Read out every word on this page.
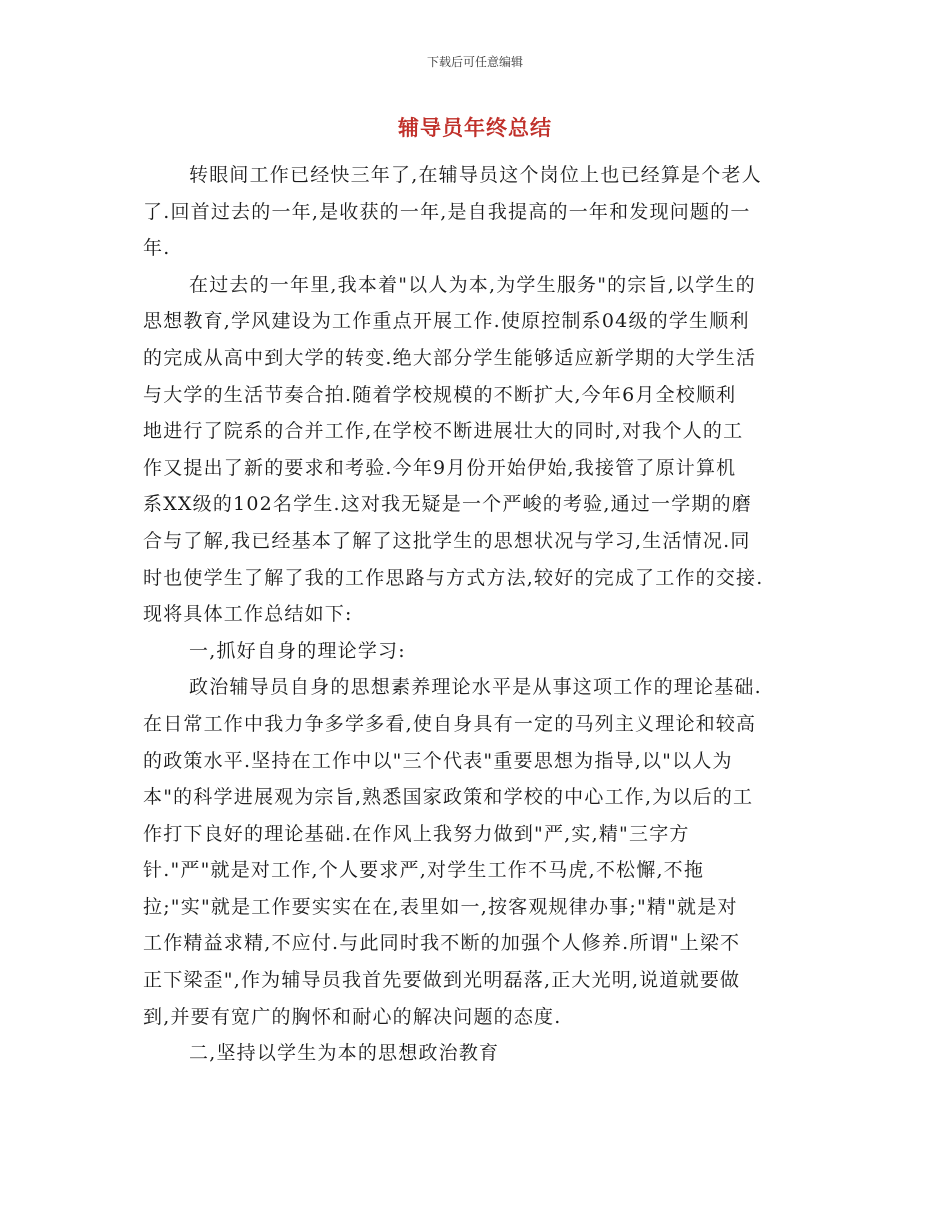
下载后可任意编辑
辅导员年终总结
转眼间工作已经快三年了,在辅导员这个岗位上也已经算是个老人
了.回首过去的一年,是收获的一年,是自我提高的一年和发现问题的一
年.
在过去的一年里,我本着"以人为本,为学生服务"的宗旨,以学生的
思想教育,学风建设为工作重点开展工作.使原控制系04级的学生顺利
的完成从高中到大学的转变.绝大部分学生能够适应新学期的大学生活
与大学的生活节奏合拍.随着学校规模的不断扩大,今年6月全校顺利
地进行了院系的合并工作,在学校不断进展壮大的同时,对我个人的工
作又提出了新的要求和考验.今年9月份开始伊始,我接管了原计算机
系XX级的102名学生.这对我无疑是一个严峻的考验,通过一学期的磨
合与了解,我已经基本了解了这批学生的思想状况与学习,生活情况.同
时也使学生了解了我的工作思路与方式方法,较好的完成了工作的交接.
现将具体工作总结如下:
一,抓好自身的理论学习:
政治辅导员自身的思想素养理论水平是从事这项工作的理论基础.
在日常工作中我力争多学多看,使自身具有一定的马列主义理论和较高
的政策水平.坚持在工作中以"三个代表"重要思想为指导,以"以人为
本"的科学进展观为宗旨,熟悉国家政策和学校的中心工作,为以后的工
作打下良好的理论基础.在作风上我努力做到"严,实,精"三字方
针."严"就是对工作,个人要求严,对学生工作不马虎,不松懈,不拖
拉;"实"就是工作要实实在在,表里如一,按客观规律办事;"精"就是对
工作精益求精,不应付.与此同时我不断的加强个人修养.所谓"上梁不
正下梁歪",作为辅导员我首先要做到光明磊落,正大光明,说道就要做
到,并要有宽广的胸怀和耐心的解决问题的态度.
二,坚持以学生为本的思想政治教育
